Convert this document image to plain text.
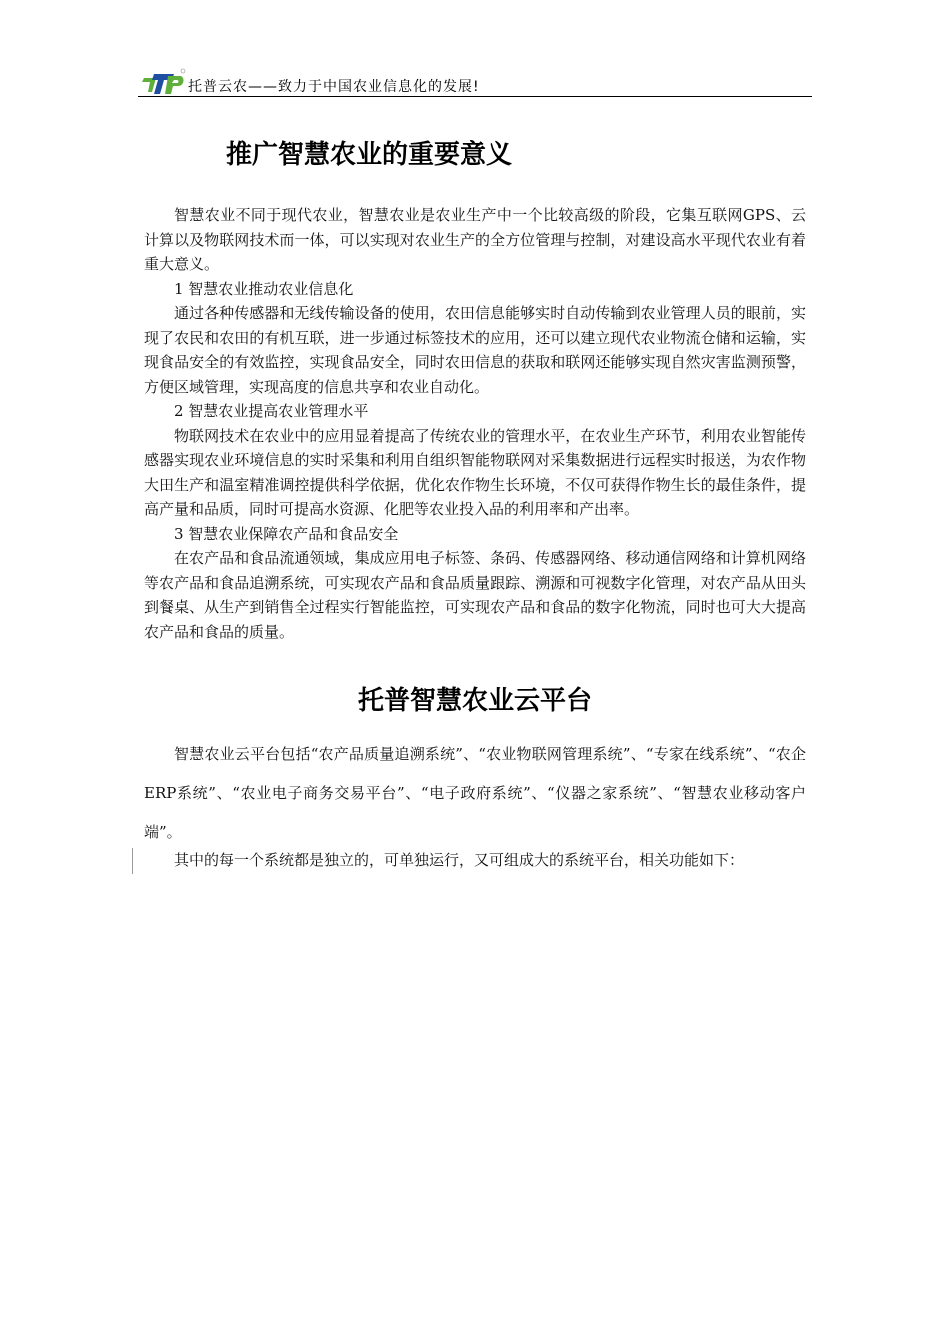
托普云农——致力于中国农业信息化的发展!
推广智慧农业的重要意义

智慧农业不同于现代农业，智慧农业是农业生产中一个比较高级的阶段，它集互联网GPS、云计算以及物联网技术而一体，可以实现对农业生产的全方位管理与控制，对建设高水平现代农业有着重大意义。

1 智慧农业推动农业信息化

通过各种传感器和无线传输设备的使用，农田信息能够实时自动传输到农业管理人员的眼前，实现了农民和农田的有机互联，进一步通过标签技术的应用，还可以建立现代农业物流仓储和运输，实现食品安全的有效监控，实现食品安全，同时农田信息的获取和联网还能够实现自然灾害监测预警，方便区域管理，实现高度的信息共享和农业自动化。

2 智慧农业提高农业管理水平

物联网技术在农业中的应用显着提高了传统农业的管理水平，在农业生产环节，利用农业智能传感器实现农业环境信息的实时采集和利用自组织智能物联网对采集数据进行远程实时报送，为农作物大田生产和温室精准调控提供科学依据，优化农作物生长环境，不仅可获得作物生长的最佳条件，提高产量和品质，同时可提高水资源、化肥等农业投入品的利用率和产出率。

3 智慧农业保障农产品和食品安全

在农产品和食品流通领域，集成应用电子标签、条码、传感器网络、移动通信网络和计算机网络等农产品和食品追溯系统，可实现农产品和食品质量跟踪、溯源和可视数字化管理，对农产品从田头到餐桌、从生产到销售全过程实行智能监控，可实现农产品和食品的数字化物流，同时也可大大提高农产品和食品的质量。

托普智慧农业云平台

智慧农业云平台包括“农产品质量追溯系统”、“农业物联网管理系统”、“专家在线系统”、“农企ERP系统”、“农业电子商务交易平台”、“电子政府系统”、“仪器之家系统”、“智慧农业移动客户端”。

其中的每一个系统都是独立的，可单独运行，又可组成大的系统平台，相关功能如下：
